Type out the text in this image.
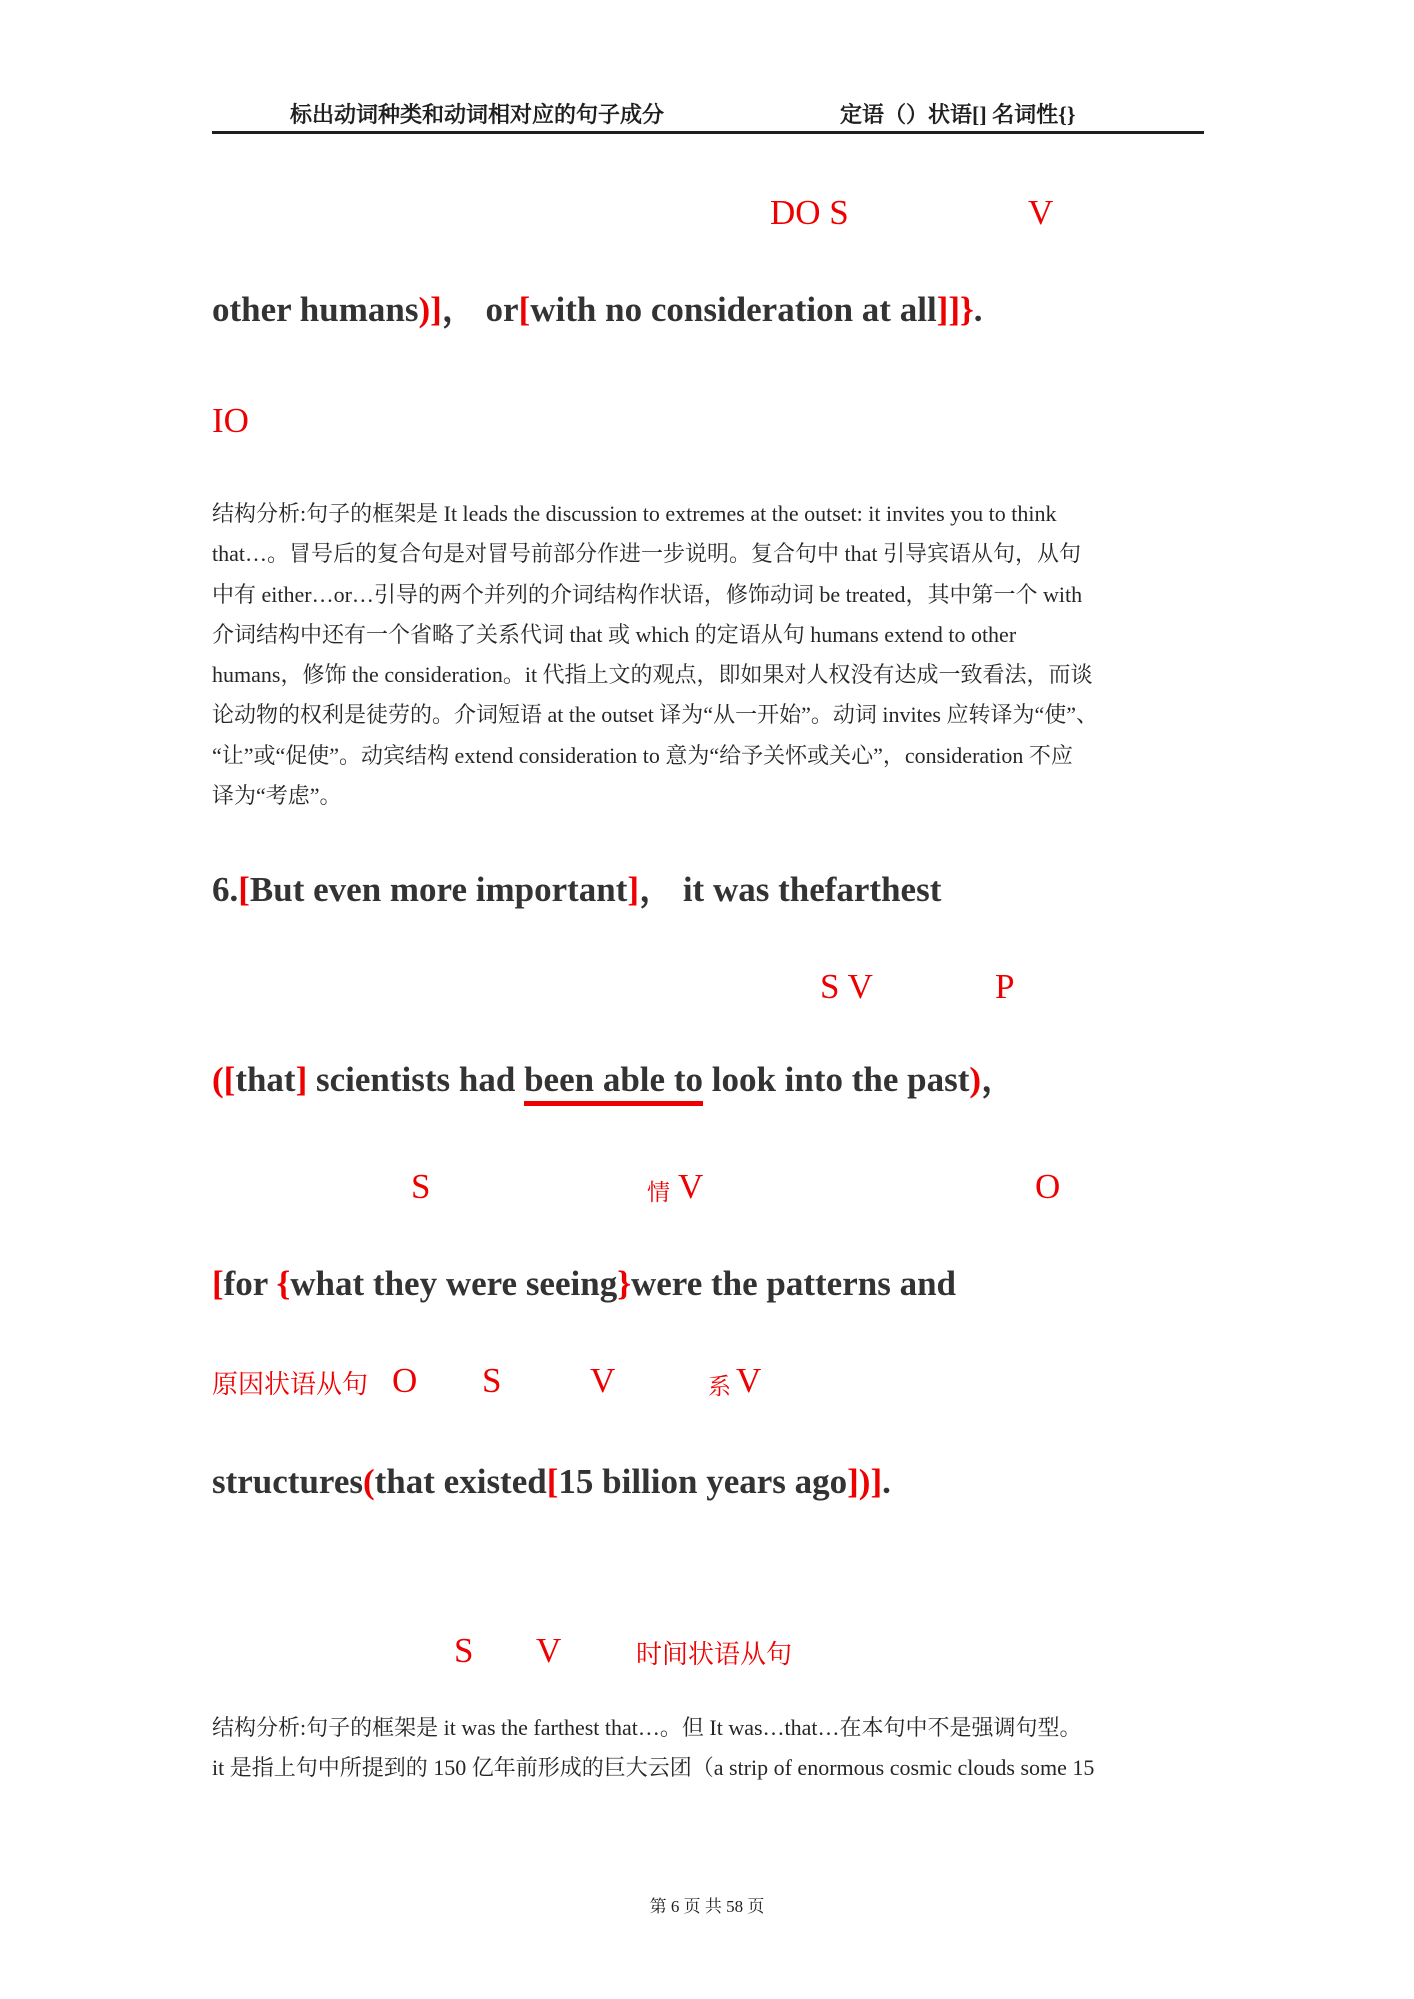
标出动词种类和动词相对应的句子成分	定语（）状语[] 名词性{}
DO S	V
other humans)]， or[with no consideration at all]]}.
IO
结构分析:句子的框架是 It leads the discussion to extremes at the outset: it invites you to think
that…。冒号后的复合句是对冒号前部分作进一步说明。复合句中 that 引导宾语从句，从句
中有 either…or…引导的两个并列的介词结构作状语，修饰动词 be treated，其中第一个 with
介词结构中还有一个省略了关系代词 that 或 which 的定语从句 humans extend to other
humans，修饰 the consideration。it 代指上文的观点，即如果对人权没有达成一致看法，而谈
论动物的权利是徒劳的。介词短语 at the outset 译为“从一开始”。动词 invites 应转译为“使”、
“让”或“促使”。动宾结构 extend consideration to 意为“给予关怀或关心”，consideration 不应
译为“考虑”。
6.[But even more important]， it was thefarthest
S V	P
([that] scientists had been able to look into the past)，
S	情 V	O
[for {what they were seeing}were the patterns and
原因状语从句 O S	V	系 V
structures(that existed[15 billion years ago])].
S V	时间状语从句
结构分析:句子的框架是 it was the farthest that…。但 It was…that…在本句中不是强调句型。
it 是指上句中所提到的 150 亿年前形成的巨大云团（a strip of enormous cosmic clouds some 15
第 6 页 共 58 页
